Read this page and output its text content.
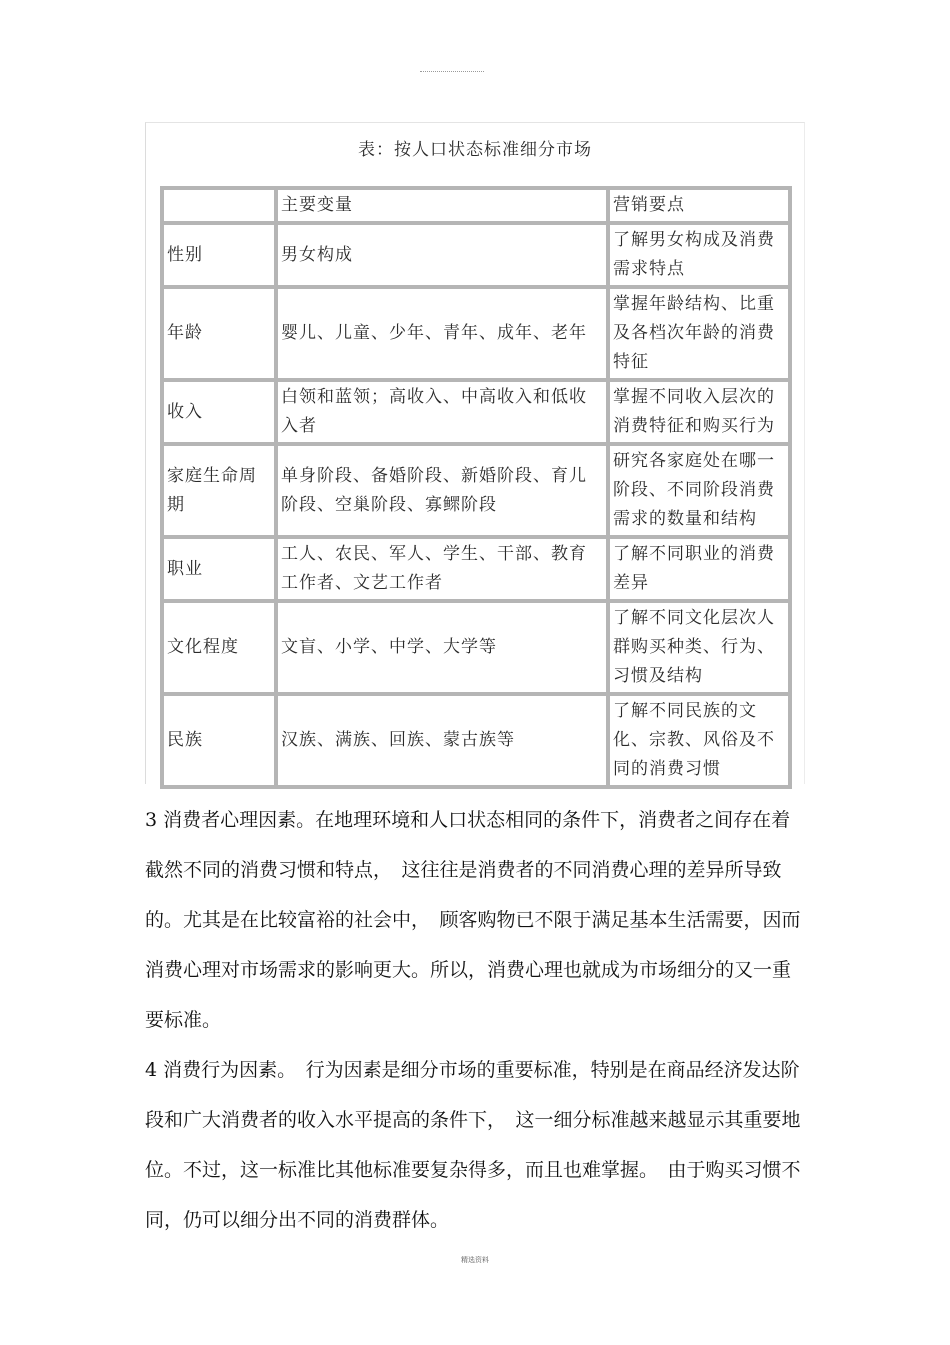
表：按人口状态标准细分市场
	主要变量	营销要点
性别	男女构成	了解男女构成及消费需求特点
年龄	婴儿、儿童、少年、青年、成年、老年	掌握年龄结构、比重及各档次年龄的消费特征
收入	白领和蓝领；高收入、中高收入和低收入者	掌握不同收入层次的消费特征和购买行为
家庭生命周期	单身阶段、备婚阶段、新婚阶段、育儿阶段、空巢阶段、寡鳏阶段	研究各家庭处在哪一阶段、不同阶段消费需求的数量和结构
职业	工人、农民、军人、学生、干部、教育工作者、文艺工作者	了解不同职业的消费差异
文化程度	文盲、小学、中学、大学等	了解不同文化层次人群购买种类、行为、习惯及结构
民族	汉族、满族、回族、蒙古族等	了解不同民族的文化、宗教、风俗及不同的消费习惯

3 消费者心理因素。在地理环境和人口状态相同的条件下，消费者之间存在着截然不同的消费习惯和特点，　这往往是消费者的不同消费心理的差异所导致的。尤其是在比较富裕的社会中，　顾客购物已不限于满足基本生活需要，因而消费心理对市场需求的影响更大。所以，消费心理也就成为市场细分的又一重要标准。

4 消费行为因素。　行为因素是细分市场的重要标准，特别是在商品经济发达阶段和广大消费者的收入水平提高的条件下，　这一细分标准越来越显示其重要地位。不过，这一标准比其他标准要复杂得多，而且也难掌握。　由于购买习惯不同，仍可以细分出不同的消费群体。

精选资料
